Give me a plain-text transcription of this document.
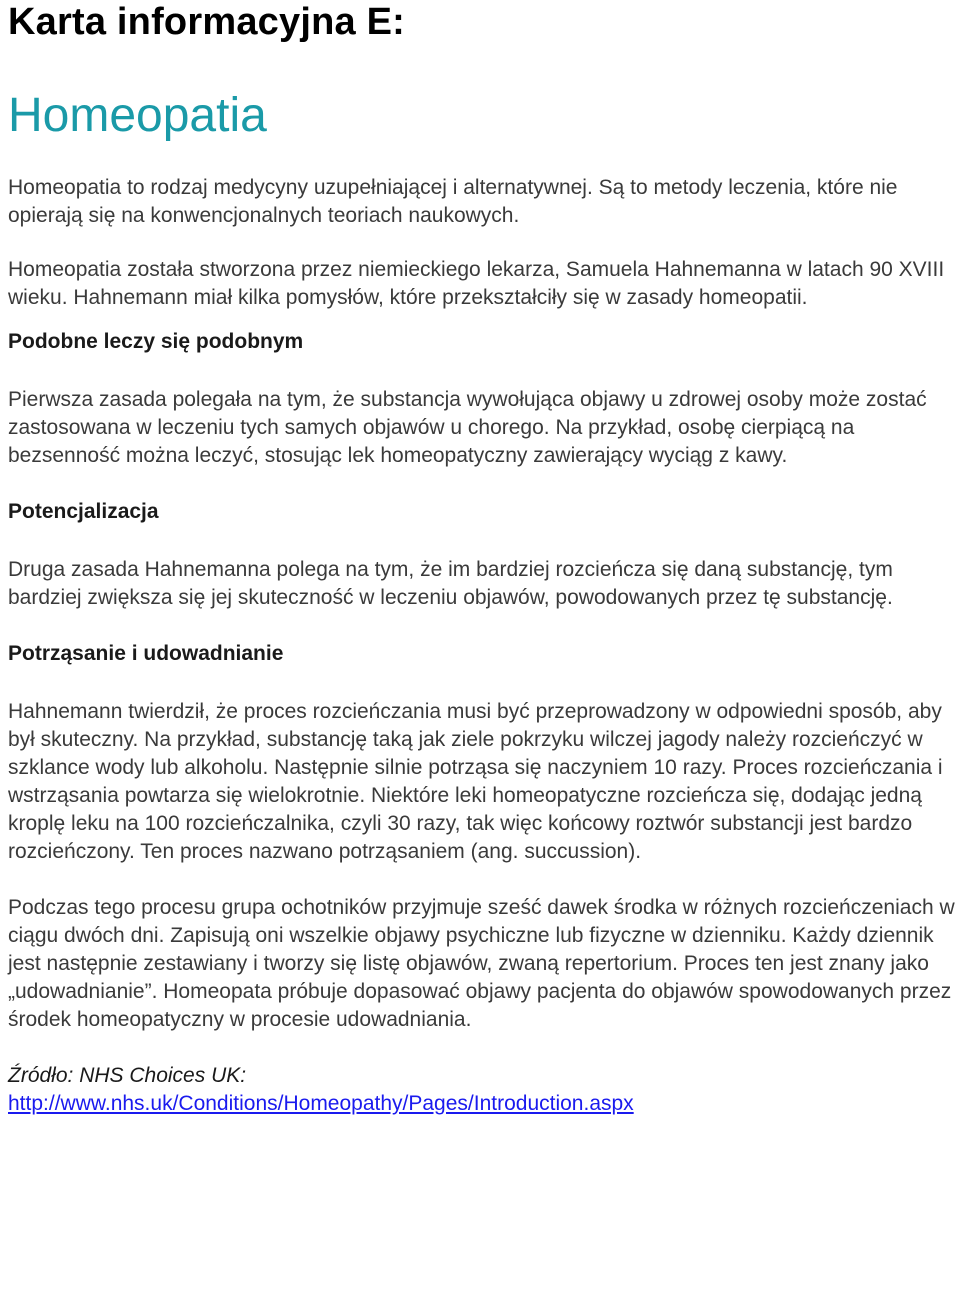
Karta informacyjna E:
Homeopatia

Homeopatia to rodzaj medycyny uzupełniającej i alternatywnej. Są to metody leczenia, które nie opierają się na konwencjonalnych teoriach naukowych.

Homeopatia została stworzona przez niemieckiego lekarza, Samuela Hahnemanna w latach 90 XVIII wieku. Hahnemann miał kilka pomysłów, które przekształciły się w zasady homeopatii.

Podobne leczy się podobnym

Pierwsza zasada polegała na tym, że substancja wywołująca objawy u zdrowej osoby może zostać zastosowana w leczeniu tych samych objawów u chorego. Na przykład, osobę cierpiącą na bezsenność można leczyć, stosując lek homeopatyczny zawierający wyciąg z kawy.

Potencjalizacja

Druga zasada Hahnemanna polega na tym, że im bardziej rozcieńcza się daną substancję, tym bardziej zwiększa się jej skuteczność w leczeniu objawów, powodowanych przez tę substancję.

Potrząsanie i udowadnianie

Hahnemann twierdził, że proces rozcieńczania musi być przeprowadzony w odpowiedni sposób, aby był skuteczny. Na przykład, substancję taką jak ziele pokrzyku wilczej jagody należy rozcieńczyć w szklance wody lub alkoholu. Następnie silnie potrząsa się naczyniem 10 razy. Proces rozcieńczania i wstrząsania powtarza się wielokrotnie. Niektóre leki homeopatyczne rozcieńcza się, dodając jedną kroplę leku na 100 rozcieńczalnika, czyli 30 razy, tak więc końcowy roztwór substancji jest bardzo rozcieńczony. Ten proces nazwano potrząsaniem (ang. succussion).

Podczas tego procesu grupa ochotników przyjmuje sześć dawek środka w różnych rozcieńczeniach w ciągu dwóch dni. Zapisują oni wszelkie objawy psychiczne lub fizyczne w dzienniku. Każdy dziennik jest następnie zestawiany i tworzy się listę objawów, zwaną repertorium. Proces ten jest znany jako „udowadnianie”. Homeopata próbuje dopasować objawy pacjenta do objawów spowodowanych przez środek homeopatyczny w procesie udowadniania.

Źródło: NHS Choices UK:
http://www.nhs.uk/Conditions/Homeopathy/Pages/Introduction.aspx
